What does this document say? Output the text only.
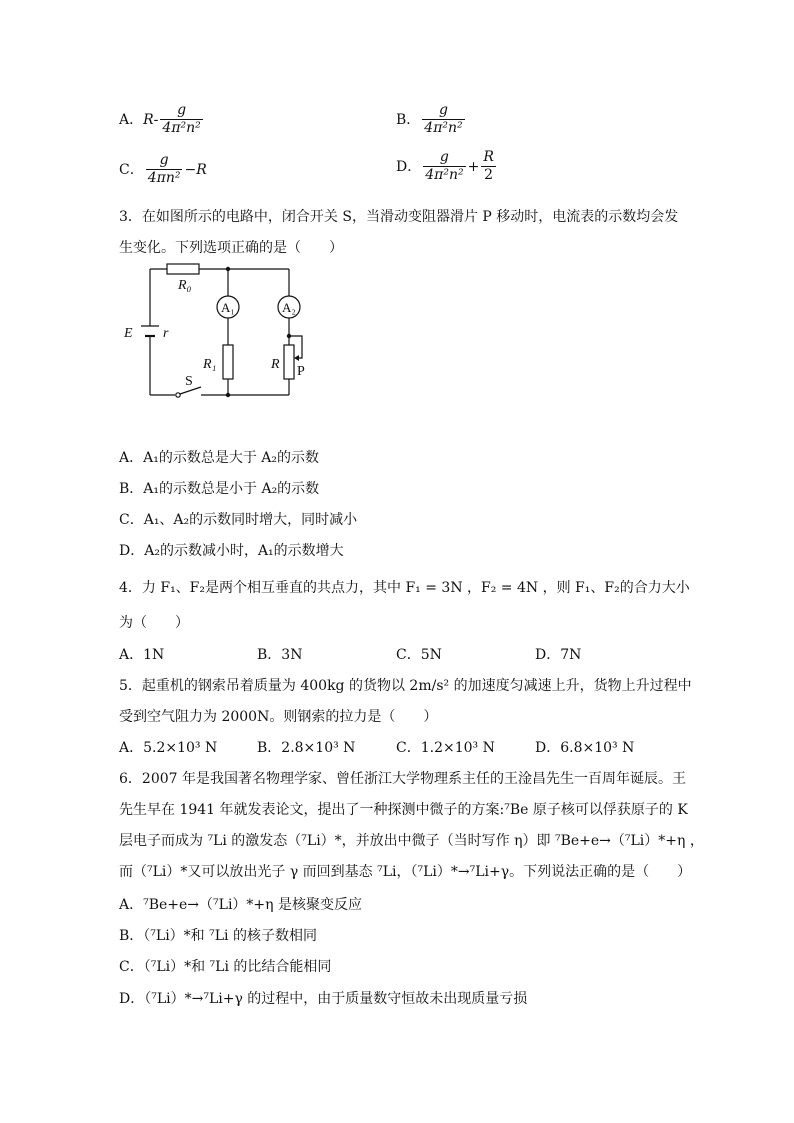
A．$R- \frac{g}{\text{4π²n²}}$	B． $\frac{g}{\text{4π²n²}}$
C． $\frac{g}{\text{4πn²}} -R$	D． $\frac{g}{\text{4π²n²}} + \frac{R}{2}$
3．在如图所示的电路中，闭合开关 S，当滑动变阻器滑片 P 移动时，电流表的示数均会发
生变化。下列选项正确的是（　　）
R₀
E r
A₁	A₂
R₁	R P
S
A．A₁的示数总是大于 A₂的示数
B．A₁的示数总是小于 A₂的示数
C．A₁、A₂的示数同时增大，同时减小
D．A₂的示数减小时，A₁的示数增大
4．力 F₁、F₂是两个相互垂直的共点力，其中 F₁ = 3N ，F₂ = 4N ，则 F₁、F₂的合力大小
为（　　）
A．1N	B．3N	C．5N	D．7N
5．起重机的钢索吊着质量为 400kg 的货物以 2m/s² 的加速度匀减速上升，货物上升过程中
受到空气阻力为 2000N。则钢索的拉力是（　　）
A．5.2×10³ N	B．2.8×10³ N	C．1.2×10³ N	D．6.8×10³ N
6．2007 年是我国著名物理学家、曾任浙江大学物理系主任的王淦昌先生一百周年诞辰。王
先生早在 1941 年就发表论文，提出了一种探测中微子的方案:⁷Be 原子核可以俘获原子的 K
层电子而成为 ⁷Li 的激发态（⁷Li）*，并放出中微子（当时写作 η）即 ⁷Be+e→（⁷Li）*+η ，
而（⁷Li）*又可以放出光子 γ 而回到基态 ⁷Li，（⁷Li）*→⁷Li+γ。下列说法正确的是（　　）
A．⁷Be+e→（⁷Li）*+η 是核聚变反应
B．（⁷Li）*和 ⁷Li 的核子数相同
C．（⁷Li）*和 ⁷Li 的比结合能相同
D．（⁷Li）*→⁷Li+γ 的过程中，由于质量数守恒故未出现质量亏损
